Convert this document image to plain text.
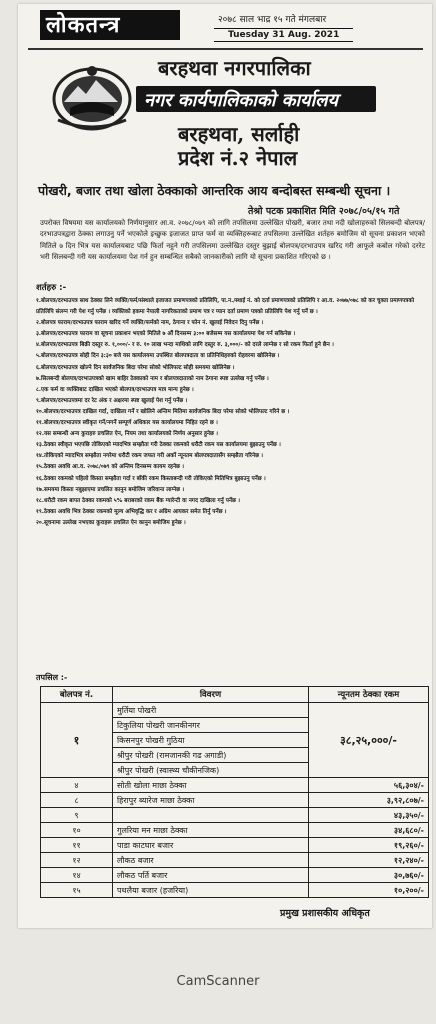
लोकतन्त्र	२०७८ साल भाद्र १५ गते मंगलबार
Tuesday 31 Aug. 2021
बरहथवा नगरपालिका
नगर कार्यपालिकाको कार्यालय
बरहथवा, सर्लाही
प्रदेश नं.२ नेपाल
पोखरी, बजार तथा खोला ठेक्काको आन्तरिक आय बन्दोबस्त सम्बन्धी सूचना ।
तेश्रो पटक प्रकाशित मिति २०७८/०५/१५ गते
उपरोक्त विषयमा यस कार्यालयको निर्णयानुसार आ.व. २०७८/०७९ को लागि तपसिलमा उल्लेखित पोखरी, बजार तथा नदी खोलाहरुको सिलबन्दी बोलपत्र/दरभाउपत्रद्वारा ठेक्का लगाउनु पर्ने भएकोले इच्छुक इजाजत प्राप्त फर्म वा व्यक्तिहरूबाट तपसिलमा उल्लेखित शर्तहरु बमोजिम यो सूचना प्रकाशन भएको मितिले ७ दिन भित्र यस कार्यालयबाट पछि फिर्ता नहुने गरी तपसिलमा उल्लेखित दस्तुर बुझाई बोलपत्र/दरभाउपत्र खरिद गरी आफूले कबोल गरेको दररेट भरी सिलबन्दी गरी यस कार्यालयमा पेश गर्न हुन सम्बन्धित सबैको जानकारीको लागि यो सूचना प्रकाशित गरिएको छ ।
शर्तहरु :-

१.बोलपत्र/दरभाउपत्र साथ ठेक्का लिने व्यक्ति/फर्म/संस्थाले इजाजत प्रमाणपत्रको प्रतिलिपि, पा.न./स्थाई नं. को दर्ता प्रमाणपत्रको प्रतिलिपि र आ.व. २०७७/०७८ को कर चुक्ता प्रमाणपत्रको प्रतिलिपि संलग्न गरी पेश गर्नु पर्नेछ । व्यक्तिको हकमा नेपाली नागरिकताको प्रमाण पत्र र प्यान दर्ता प्रमाण पत्रको प्रतिलिपि पेश गर्नु पर्ने छ ।

२.बोलपत्र फाराम/दरभाउपत्र फाराम खरिद गर्ने व्यक्ति/फर्मको नाम, ठेगाना र फोन नं. खुलाई निवेदन दिनु पर्नेछ ।

३.बोलपत्र/दरभाउपत्र फाराम वा सूचना प्रकाशन भएको मितिले ७ औं दिनसम्म ३:०० बजेसम्म यस कार्यालयमा पेश गर्न सकिनेछ ।

४.बोलपत्र/दरभाउपत्र बिक्री दस्तुर रु. १,०००/- र रु. १० लाख भन्दा माथिको लागि दस्तुर रु. ३,०००/- को दरले लाग्नेछ र सो रकम फिर्ता हुने छैन ।

५.बोलपत्र/दरभाउपत्र सोही दिन ३:३० बजे यस कार्यालयमा उपस्थित बोलपत्रदाता वा प्रतिनिधिहरुको रोहवरमा खोलिनेछ ।

६.बोलपत्र/दरभाउपत्र खोल्ने दिन सार्वजनिक बिदा परेमा सोको भोलिपल्ट सोही समयमा खोलिनेछ ।

७.सिलबन्दी बोलपत्र/दरभाउपत्रको खाम बाहिर ठेक्काको नाम र बोलपत्रदाताको नाम ठेगाना स्पष्ट उल्लेख गर्नु पर्नेछ ।

८.एक फर्म वा व्यक्तिबाट दाखिल भएको बोलपत्र/दरभाउपत्र मात्र मान्य हुनेछ ।

९.बोलपत्र/दरभाउपत्रमा दर रेट अंक र अक्षरमा स्पष्ट खुलाई पेश गर्नु पर्नेछ ।

१०.बोलपत्र/दरभाउपत्र दाखिल गर्दा, दाखिला गर्ने र खोलिने अन्तिम मितिमा सार्वजनिक बिदा परेमा सोको भोलिपल्ट गरिने छ ।

११.बोलपत्र/दरभाउपत्र स्वीकृत गर्ने/नगर्ने सम्पूर्ण अधिकार यस कार्यालयमा निहित रहने छ ।

१२.यस सम्बन्धी अन्य कुराहरु प्रचलित ऐन, नियम तथा कार्यालयको निर्णय अनुसार हुनेछ ।

१३.ठेक्का स्वीकृत भएपछि तोकिएको म्यादभित्र सम्झौता गरी ठेक्का रकमको धरौटी रकम यस कार्यालयमा बुझाउनु पर्नेछ ।

१४.तोकिएको म्यादभित्र सम्झौता नगरेमा धरौटी रकम जफत गरी अर्को न्यूनतम बोलपत्रदातासँग सम्झौता गरिनेछ ।

१५.ठेक्का अवधि आ.व. २०७८/०७९ को अन्तिम दिनसम्म कायम रहनेछ ।

१६.ठेक्का रकमको पहिलो किस्ता सम्झौता गर्दा र बाँकी रकम किस्ताबन्दी गरी तोकिएको मितिभित्र बुझाउनु पर्नेछ ।

१७.समयमा किस्ता नबुझाएमा प्रचलित कानुन बमोजिम जरिवाना लाग्नेछ ।

१८.धरौटी रकम बापत ठेक्का रकमको ५% बराबरको रकम बैंक ग्यारेन्टी वा नगद दाखिला गर्नु पर्नेछ ।

१९.ठेक्का अवधि भित्र ठेक्का रकमको मूल्य अभिवृद्धि कर र अग्रिम आयकर समेत तिर्नु पर्नेछ ।

२०.सूचनामा उल्लेख नभएका कुराहरू प्रचलित ऐन कानुन बमोजिम हुनेछ ।

तपसिल :-
बोलपत्र नं.	विवरण	न्यूनतम ठेक्का रकम
१	मुर्तिया पोखरी	३८,२५,०००/-
	टिकुलिया पोखरी जानकीनगर	
	किसनपुर पोखरी गुठिया	
	श्रीपुर पोखरी (रामजानकी गढ अगाडी)	
	श्रीपुर पोखरी (स्वास्थ्य चौकीनजिक)	
४	सोती खोला माछा ठेक्का	५६,३०४/-
८	हिरापुर ब्यारेज माछा ठेक्का	३,९२,८०७/-
९		४३,३५०/-
१०	गुलरिया मन माछा ठेक्का	३४,६८०/-
११	पाडा काटघार बजार	१९,२६०/-
१२	लौकठ बजार	१२,२४०/-
१४	लौकठ पर्ति बजार	३०,७६०/-
१५	पथलैया बजार (हजरिया)	१०,२००/-
प्रमुख प्रशासकीय अधिकृत
CamScanner
